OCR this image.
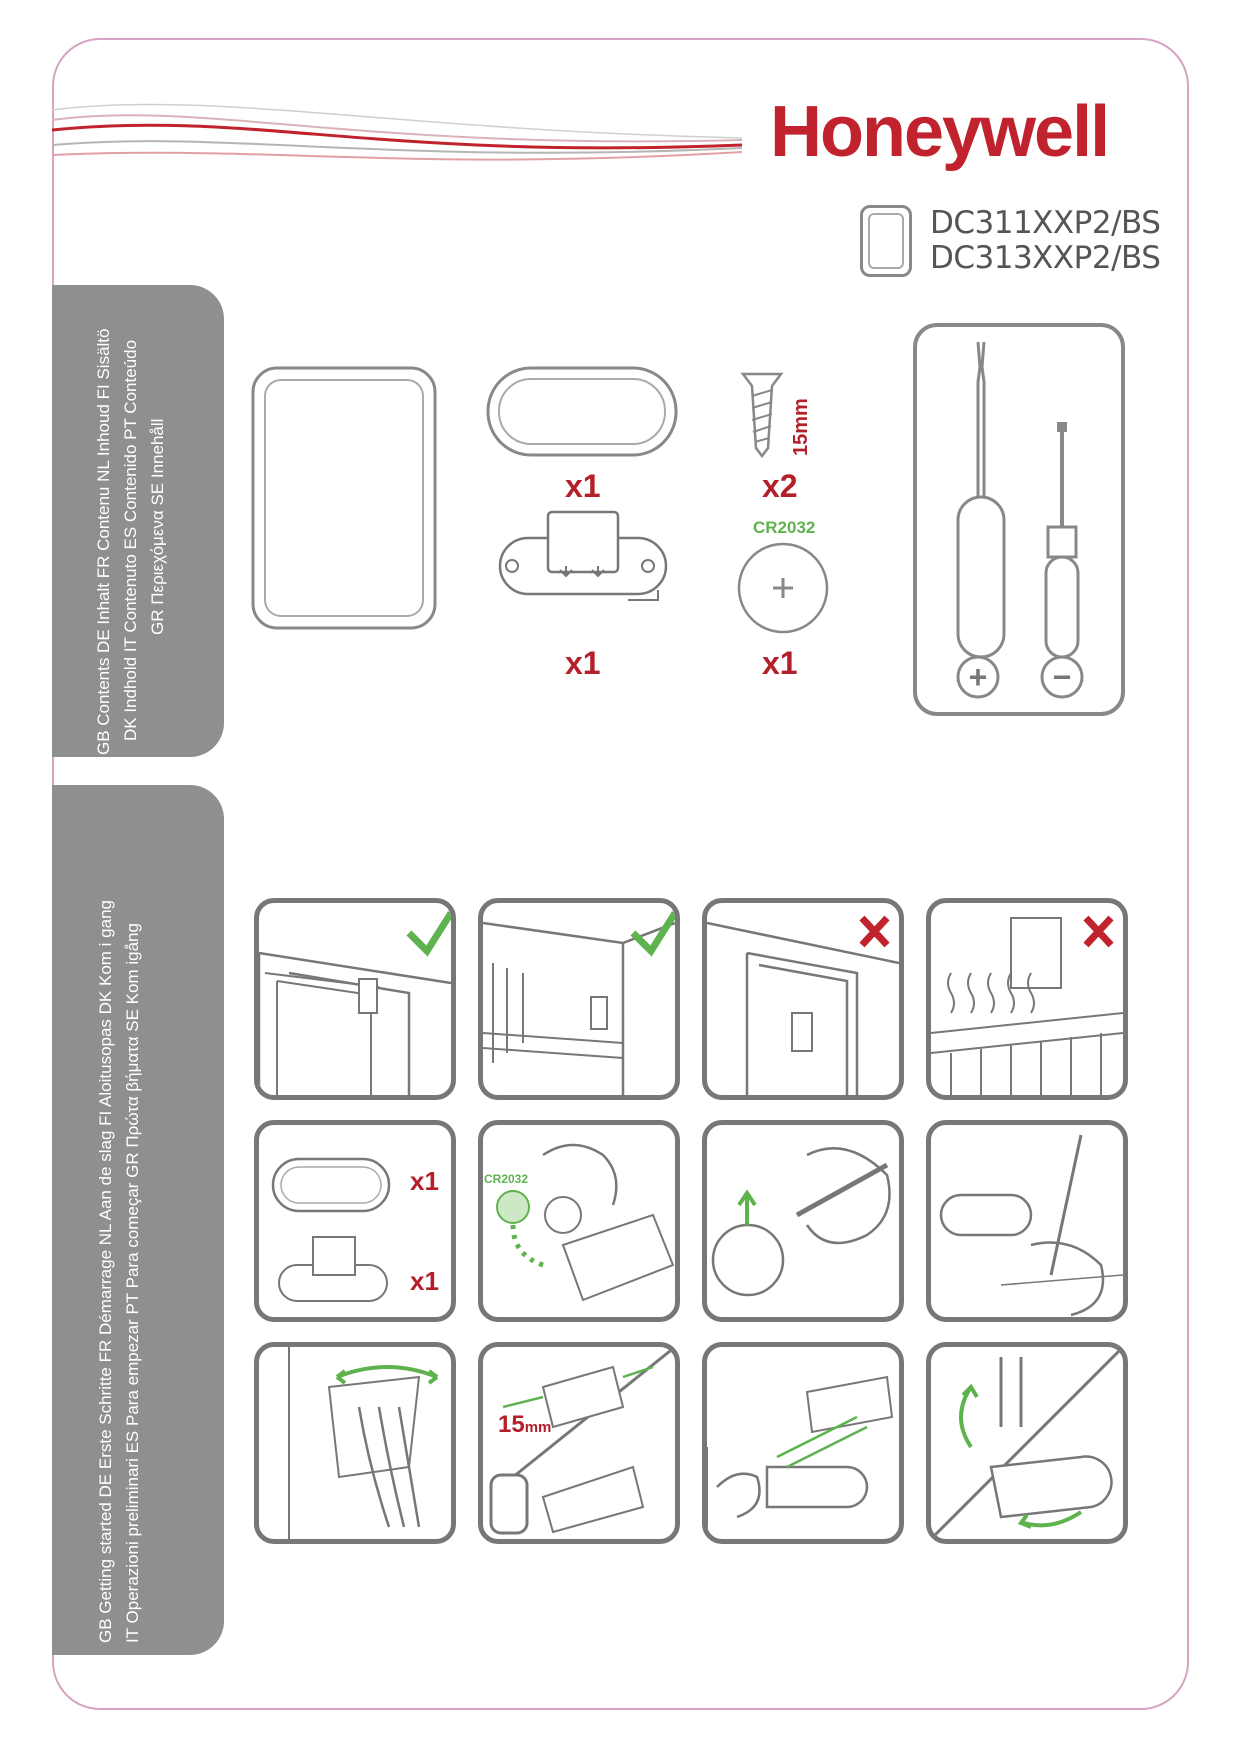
Honeywell
DC311XXP2/BS
DC313XXP2/BS
GB Contents DE Inhalt FR Contenu NL Inhoud FI Sisältö DK Indhold IT Contenuto ES Contenido PT Conteúdo GR Περιεχόμενα SE Innehåll
GB Getting started DE Erste Schritte FR Démarrage NL Aan de slag FI Aloitusopas DK Kom i gang IT Operazioni preliminari ES Para empezar PT Para começar GR Πρώτα βήματα SE Kom igång
x1
x1
15mm
x2
CR2032
x1	+ −
x1
x1
CR2032
15mm
